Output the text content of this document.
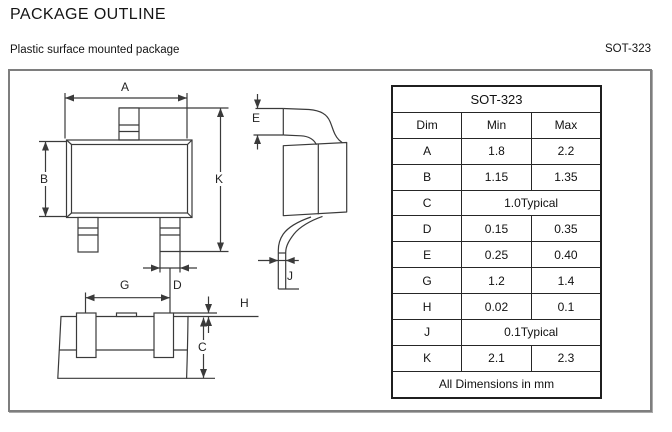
PACKAGE OUTLINE
Plastic surface mounted package	SOT-323
A
B	K
E
J
G	D
H
C
SOT-323		
Dim	Min	Max
A	1.8	2.2
B	1.15	1.35
C	1.0Typical	
D	0.15	0.35
E	0.25	0.40
G	1.2	1.4
H	0.02	0.1
J	0.1Typical	
K	2.1	2.3
All Dimensions in mm		
